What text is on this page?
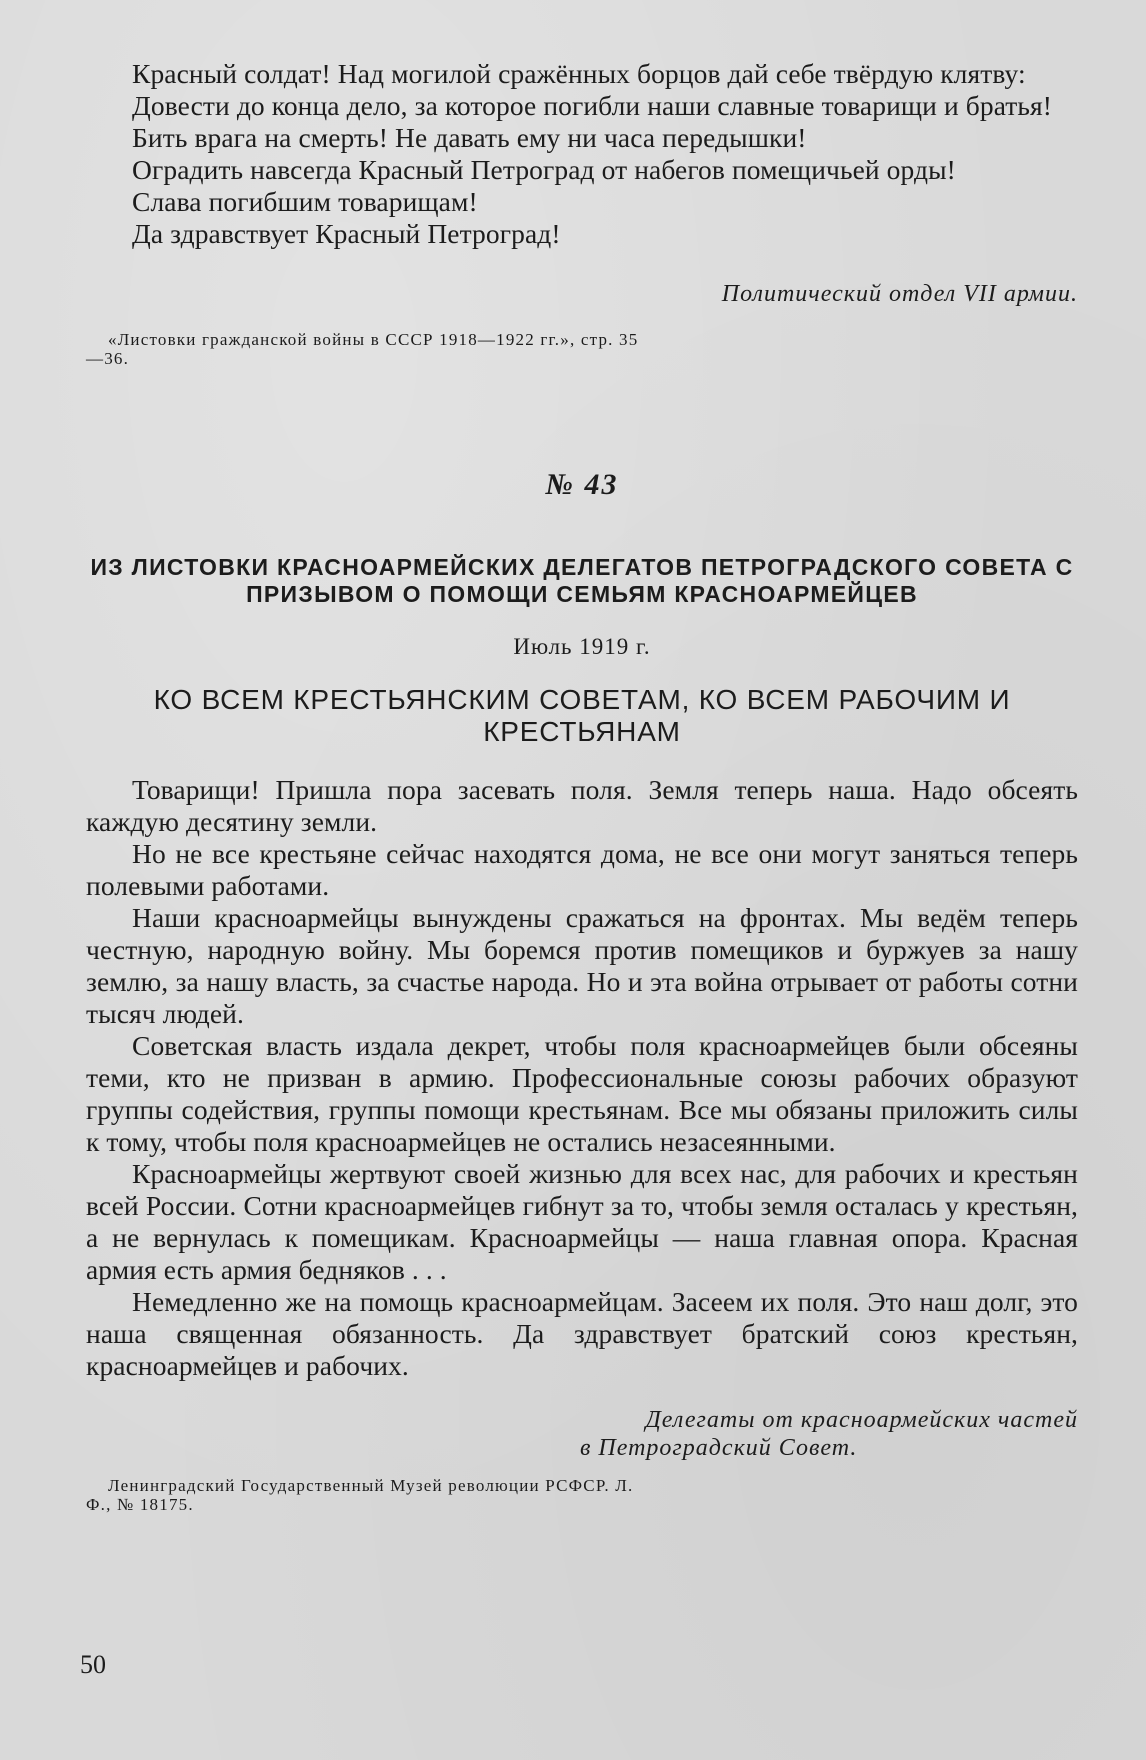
Красный солдат! Над могилой сражённых борцов дай себе твёрдую клятву:

Довести до конца дело, за которое погибли наши славные товарищи и братья!

Бить врага на смерть! Не давать ему ни часа передышки!

Оградить навсегда Красный Петроград от набегов помещичьей орды!

Слава погибшим товарищам!

Да здравствует Красный Петроград!

Политический отдел VII армии.

«Листовки гражданской войны в СССР 1918—1922 гг.», стр. 35—36.

№ 43
ИЗ ЛИСТОВКИ КРАСНОАРМЕЙСКИХ ДЕЛЕГАТОВ ПЕТРОГРАДСКОГО СОВЕТА С ПРИЗЫВОМ О ПОМОЩИ СЕМЬЯМ КРАСНОАРМЕЙЦЕВ
Июль 1919 г.
КО ВСЕМ КРЕСТЬЯНСКИМ СОВЕТАМ, КО ВСЕМ РАБОЧИМ И КРЕСТЬЯНАМ

Товарищи! Пришла пора засевать поля. Земля теперь наша. Надо обсеять каждую десятину земли.

Но не все крестьяне сейчас находятся дома, не все они могут заняться теперь полевыми работами.

Наши красноармейцы вынуждены сражаться на фронтах. Мы ведём теперь честную, народную войну. Мы боремся против помещиков и буржуев за нашу землю, за нашу власть, за счастье народа. Но и эта война отрывает от работы сотни тысяч людей.

Советская власть издала декрет, чтобы поля красноармейцев были обсеяны теми, кто не призван в армию. Профессиональные союзы рабочих образуют группы содействия, группы помощи крестьянам. Все мы обязаны приложить силы к тому, чтобы поля красноармейцев не остались незасеянными.

Красноармейцы жертвуют своей жизнью для всех нас, для рабочих и крестьян всей России. Сотни красноармейцев гибнут за то, чтобы земля осталась у крестьян, а не вернулась к помещикам. Красноармейцы — наша главная опора. Красная армия есть армия бедняков . . .

Немедленно же на помощь красноармейцам. Засеем их поля. Это наш долг, это наша священная обязанность. Да здравствует братский союз крестьян, красноармейцев и рабочих.

Делегаты от красноармейских частей
в Петроградский Совет.

Ленинградский Государственный Музей революции РСФСР. Л. Ф., № 18175.

50
